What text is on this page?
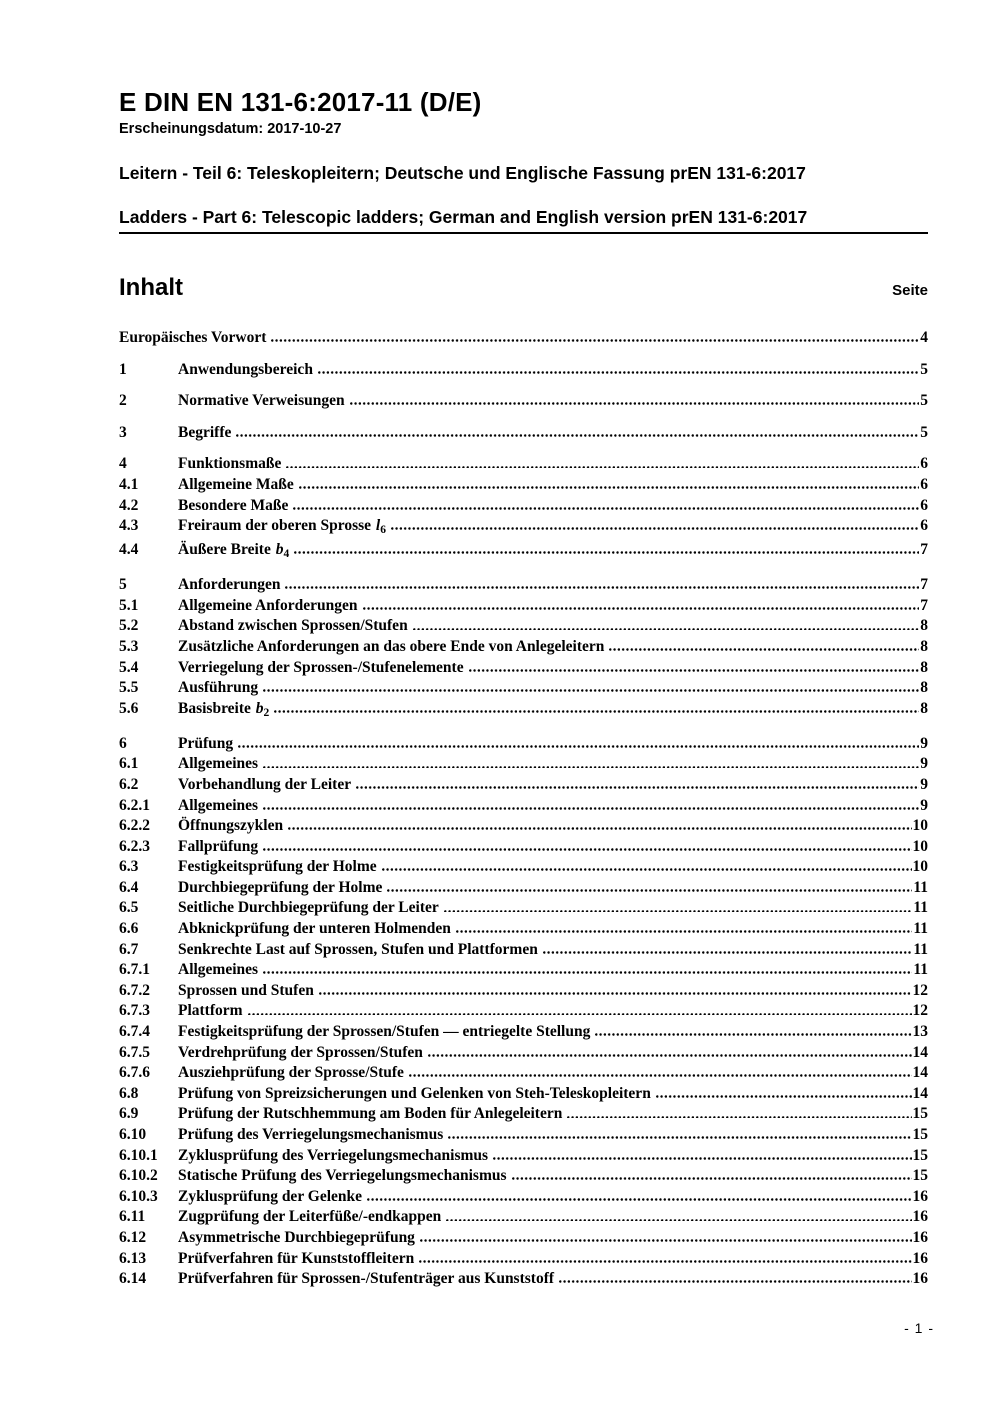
E DIN EN 131-6:2017-11 (D/E)
Erscheinungsdatum: 2017-10-27
Leitern - Teil 6: Teleskopleitern; Deutsche und Englische Fassung prEN 131-6:2017
Ladders - Part 6: Telescopic ladders; German and English version prEN 131-6:2017
Inhalt	Seite
Europäisches Vorwort	4
1	Anwendungsbereich	5
2	Normative Verweisungen	5
3	Begriffe	5
4	Funktionsmaße	6
4.1	Allgemeine Maße	6
4.2	Besondere Maße	6
4.3	Freiraum der oberen Sprosse $l_6$	6
4.4	Äußere Breite $b_4$	7
5	Anforderungen	7
5.1	Allgemeine Anforderungen	7
5.2	Abstand zwischen Sprossen/Stufen	8
5.3	Zusätzliche Anforderungen an das obere Ende von Anlegeleitern	8
5.4	Verriegelung der Sprossen-/Stufenelemente	8
5.5	Ausführung	8
5.6	Basisbreite $b_2$	8
6	Prüfung	9
6.1	Allgemeines	9
6.2	Vorbehandlung der Leiter	9
6.2.1	Allgemeines	9
6.2.2	Öffnungszyklen	10
6.2.3	Fallprüfung	10
6.3	Festigkeitsprüfung der Holme	10
6.4	Durchbiegeprüfung der Holme	11
6.5	Seitliche Durchbiegeprüfung der Leiter	11
6.6	Abknickprüfung der unteren Holmenden	11
6.7	Senkrechte Last auf Sprossen, Stufen und Plattformen	11
6.7.1	Allgemeines	11
6.7.2	Sprossen und Stufen	12
6.7.3	Plattform	12
6.7.4	Festigkeitsprüfung der Sprossen/Stufen — entriegelte Stellung	13
6.7.5	Verdrehprüfung der Sprossen/Stufen	14
6.7.6	Ausziehprüfung der Sprosse/Stufe	14
6.8	Prüfung von Spreizsicherungen und Gelenken von Steh-Teleskopleitern	14
6.9	Prüfung der Rutschhemmung am Boden für Anlegeleitern	15
6.10	Prüfung des Verriegelungsmechanismus	15
6.10.1	Zyklusprüfung des Verriegelungsmechanismus	15
6.10.2	Statische Prüfung des Verriegelungsmechanismus	15
6.10.3	Zyklusprüfung der Gelenke	16
6.11	Zugprüfung der Leiterfüße/-endkappen	16
6.12	Asymmetrische Durchbiegeprüfung	16
6.13	Prüfverfahren für Kunststoffleitern	16
6.14	Prüfverfahren für Sprossen-/Stufenträger aus Kunststoff	16
- 1 -
